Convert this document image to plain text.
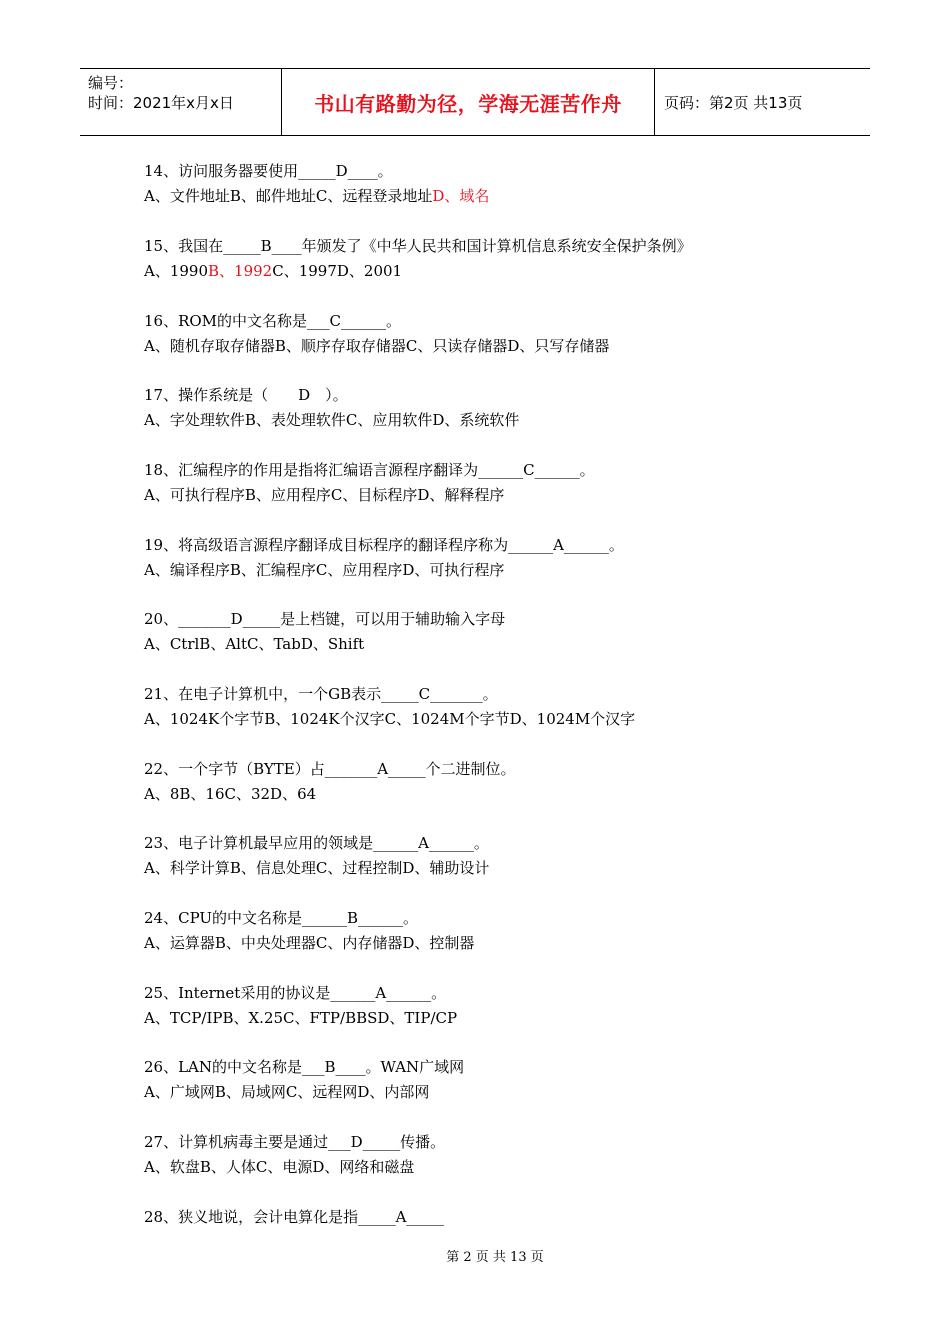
编号：
时间：2021年x月x日	书山有路勤为径，学海无涯苦作舟	页码：第2页 共13页
14、访问服务器要使用_____D____。
A、文件地址B、邮件地址C、远程登录地址D、域名
15、我国在_____B____年颁发了《中华人民共和国计算机信息系统安全保护条例》
A、1990B、1992C、1997D、2001
16、ROM的中文名称是___C______。
A、随机存取存储器B、顺序存取存储器C、只读存储器D、只写存储器
17、操作系统是（　　D　）。
A、字处理软件B、表处理软件C、应用软件D、系统软件
18、汇编程序的作用是指将汇编语言源程序翻译为______C______。
A、可执行程序B、应用程序C、目标程序D、解释程序
19、将高级语言源程序翻译成目标程序的翻译程序称为______A______。
A、编译程序B、汇编程序C、应用程序D、可执行程序
20、_______D_____是上档键，可以用于辅助输入字母
A、CtrlB、AltC、TabD、Shift
21、在电子计算机中，一个GB表示_____C_______。
A、1024K个字节B、1024K个汉字C、1024M个字节D、1024M个汉字
22、一个字节（BYTE）占_______A_____个二进制位。
A、8B、16C、32D、64
23、电子计算机最早应用的领域是______A______。
A、科学计算B、信息处理C、过程控制D、辅助设计
24、CPU的中文名称是______B______。
A、运算器B、中央处理器C、内存储器D、控制器
25、Internet采用的协议是______A______。
A、TCP/IPB、X.25C、FTP/BBSD、TIP/CP
26、LAN的中文名称是___B____。WAN广域网
A、广域网B、局域网C、远程网D、内部网
27、计算机病毒主要是通过___D_____传播。
A、软盘B、人体C、电源D、网络和磁盘
28、狭义地说，会计电算化是指_____A_____
第 2 页 共 13 页
